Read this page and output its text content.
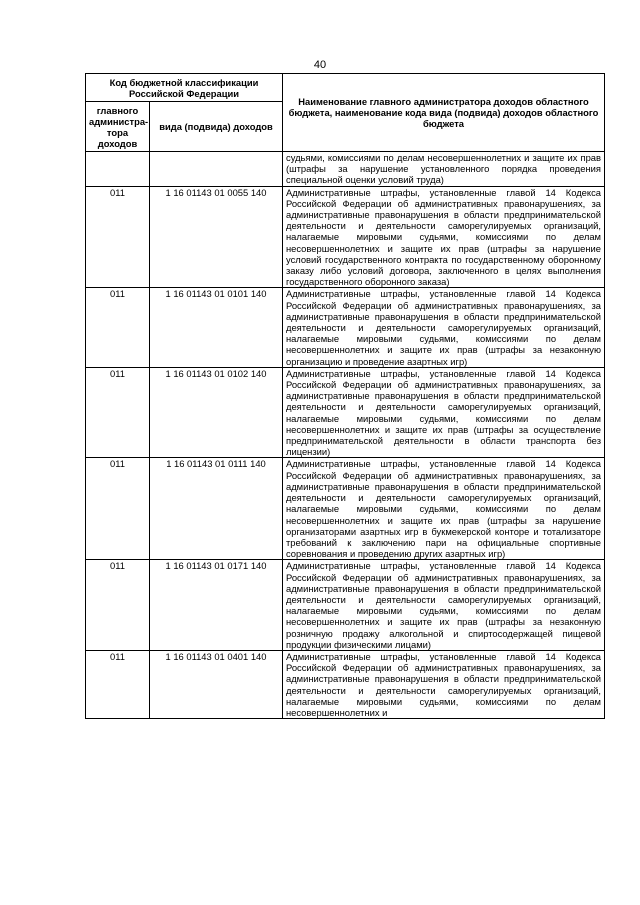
40
Код бюджетной классификации Российской Федерации		Наименование главного администратора доходов областного бюджета, наименование кода вида (подвида) доходов областного бюджета
главного администра-тора доходов	вида (подвида) доходов	
		судьями, комиссиями по делам несовершеннолетних и защите их прав (штрафы за нарушение установленного порядка проведения специальной оценки условий труда)
011	1 16 01143 01 0055 140	Административные штрафы, установленные главой 14 Кодекса Российской Федерации об административных правонарушениях, за административные правонарушения в области предпринимательской деятельности и деятельности саморегулируемых организаций, налагаемые мировыми судьями, комиссиями по делам несовершеннолетних и защите их прав (штрафы за нарушение условий государственного контракта по государственному оборонному заказу либо условий договора, заключенного в целях выполнения государственного оборонного заказа)
011	1 16 01143 01 0101 140	Административные штрафы, установленные главой 14 Кодекса Российской Федерации об административных правонарушениях, за административные правонарушения в области предпринимательской деятельности и деятельности саморегулируемых организаций, налагаемые мировыми судьями, комиссиями по делам несовершеннолетних и защите их прав (штрафы за незаконную организацию и проведение азартных игр)
011	1 16 01143 01 0102 140	Административные штрафы, установленные главой 14 Кодекса Российской Федерации об административных правонарушениях, за административные правонарушения в области предпринимательской деятельности и деятельности саморегулируемых организаций, налагаемые мировыми судьями, комиссиями по делам несовершеннолетних и защите их прав (штрафы за осуществление предпринимательской деятельности в области транспорта без лицензии)
011	1 16 01143 01 0111 140	Административные штрафы, установленные главой 14 Кодекса Российской Федерации об административных правонарушениях, за административные правонарушения в области предпринимательской деятельности и деятельности саморегулируемых организаций, налагаемые мировыми судьями, комиссиями по делам несовершеннолетних и защите их прав (штрафы за нарушение организаторами азартных игр в букмекерской конторе и тотализаторе требований к заключению пари на официальные спортивные соревнования и проведению других азартных игр)
011	1 16 01143 01 0171 140	Административные штрафы, установленные главой 14 Кодекса Российской Федерации об административных правонарушениях, за административные правонарушения в области предпринимательской деятельности и деятельности саморегулируемых организаций, налагаемые мировыми судьями, комиссиями по делам несовершеннолетних и защите их прав (штрафы за незаконную розничную продажу алкогольной и спиртосодержащей пищевой продукции физическими лицами)
011	1 16 01143 01 0401 140	Административные штрафы, установленные главой 14 Кодекса Российской Федерации об административных правонарушениях, за административные правонарушения в области предпринимательской деятельности и деятельности саморегулируемых организаций, налагаемые мировыми судьями, комиссиями по делам несовершеннолетних и
